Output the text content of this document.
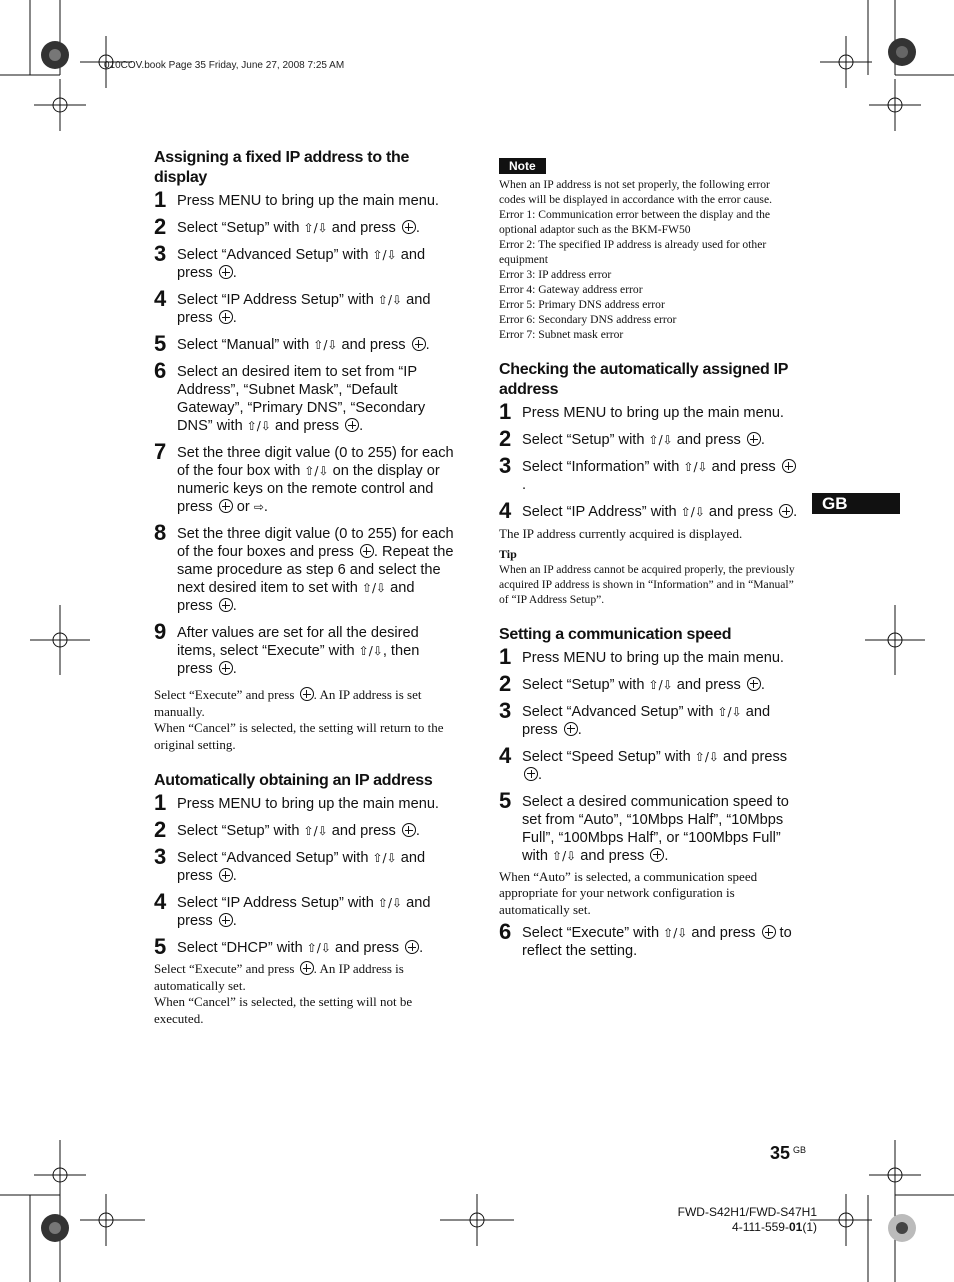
010COV.book Page 35 Friday, June 27, 2008 7:25 AM
Assigning a fixed IP address to the display
1 Press MENU to bring up the main menu.
2 Select “Setup” with ⇧/⇩ and press .
3 Select “Advanced Setup” with ⇧/⇩ and press .
4 Select “IP Address Setup” with ⇧/⇩ and press .
5 Select “Manual” with ⇧/⇩ and press .
6 Select an desired item to set from “IP Address”, “Subnet Mask”, “Default Gateway”, “Primary DNS”, “Secondary DNS” with ⇧/⇩ and press .
7 Set the three digit value (0 to 255) for each of the four box with ⇧/⇩ on the display or numeric keys on the remote control and press  or ⇨.
8 Set the three digit value (0 to 255) for each of the four boxes and press . Repeat the same procedure as step 6 and select the next desired item to set with ⇧/⇩ and press .
9 After values are set for all the desired items, select “Execute” with ⇧/⇩, then press .

Select “Execute” and press . An IP address is set manually.

When “Cancel” is selected, the setting will return to the original setting.

Automatically obtaining an IP address
1 Press MENU to bring up the main menu.
2 Select “Setup” with ⇧/⇩ and press .
3 Select “Advanced Setup” with ⇧/⇩ and press .
4 Select “IP Address Setup” with ⇧/⇩ and press .
5 Select “DHCP” with ⇧/⇩ and press .

Select “Execute” and press . An IP address is automatically set.

When “Cancel” is selected, the setting will not be executed.

Note

When an IP address is not set properly, the following error codes will be displayed in accordance with the error cause.

Error 1: Communication error between the display and the optional adaptor such as the BKM-FW50

Error 2: The specified IP address is already used for other equipment

Error 3: IP address error

Error 4: Gateway address error

Error 5: Primary DNS address error

Error 6: Secondary DNS address error

Error 7: Subnet mask error

Checking the automatically assigned IP address
1 Press MENU to bring up the main menu.
2 Select “Setup” with ⇧/⇩ and press .
3 Select “Information” with ⇧/⇩ and press .
4 Select “IP Address” with ⇧/⇩ and press .

The IP address currently acquired is displayed.

Tip

When an IP address cannot be acquired properly, the previously acquired IP address is shown in “Information” and in “Manual” of “IP Address Setup”.

Setting a communication speed
1 Press MENU to bring up the main menu.
2 Select “Setup” with ⇧/⇩ and press .
3 Select “Advanced Setup” with ⇧/⇩ and press .
4 Select “Speed Setup” with ⇧/⇩ and press .
5 Select a desired communication speed to set from “Auto”, “10Mbps Half”, “10Mbps Full”, “100Mbps Half”, or “100Mbps Full” with ⇧/⇩ and press .

When “Auto” is selected, a communication speed appropriate for your network configuration is automatically set.

6 Select “Execute” with ⇧/⇩ and press  to reflect the setting.
GB
35 $^{GB}$
FWD-S42H1/FWD-S47H1
4-111-559-01(1)
